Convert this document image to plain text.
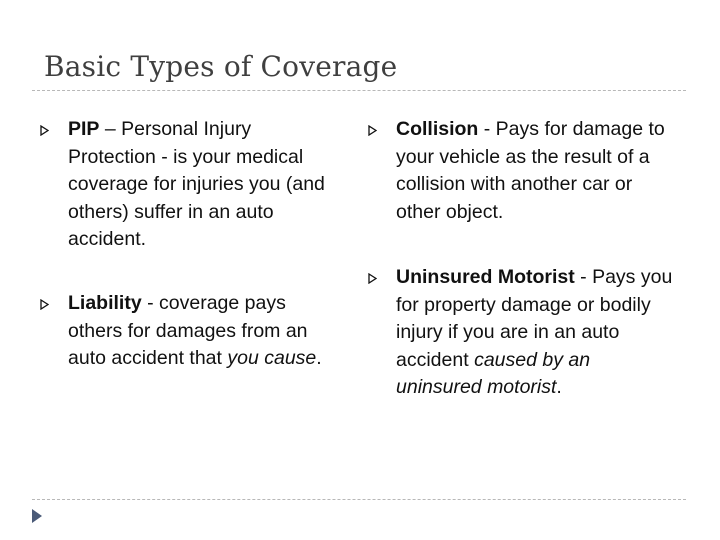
Basic Types of Coverage
PIP – Personal Injury Protection - is your medical coverage for injuries you (and others) suffer in an auto accident.
Liability - coverage pays others for damages from an auto accident that you cause.
Collision - Pays for damage to your vehicle as the result of a collision with another car or other object.
Uninsured Motorist - Pays you for property damage or bodily injury if you are in an auto accident caused by an uninsured motorist.
